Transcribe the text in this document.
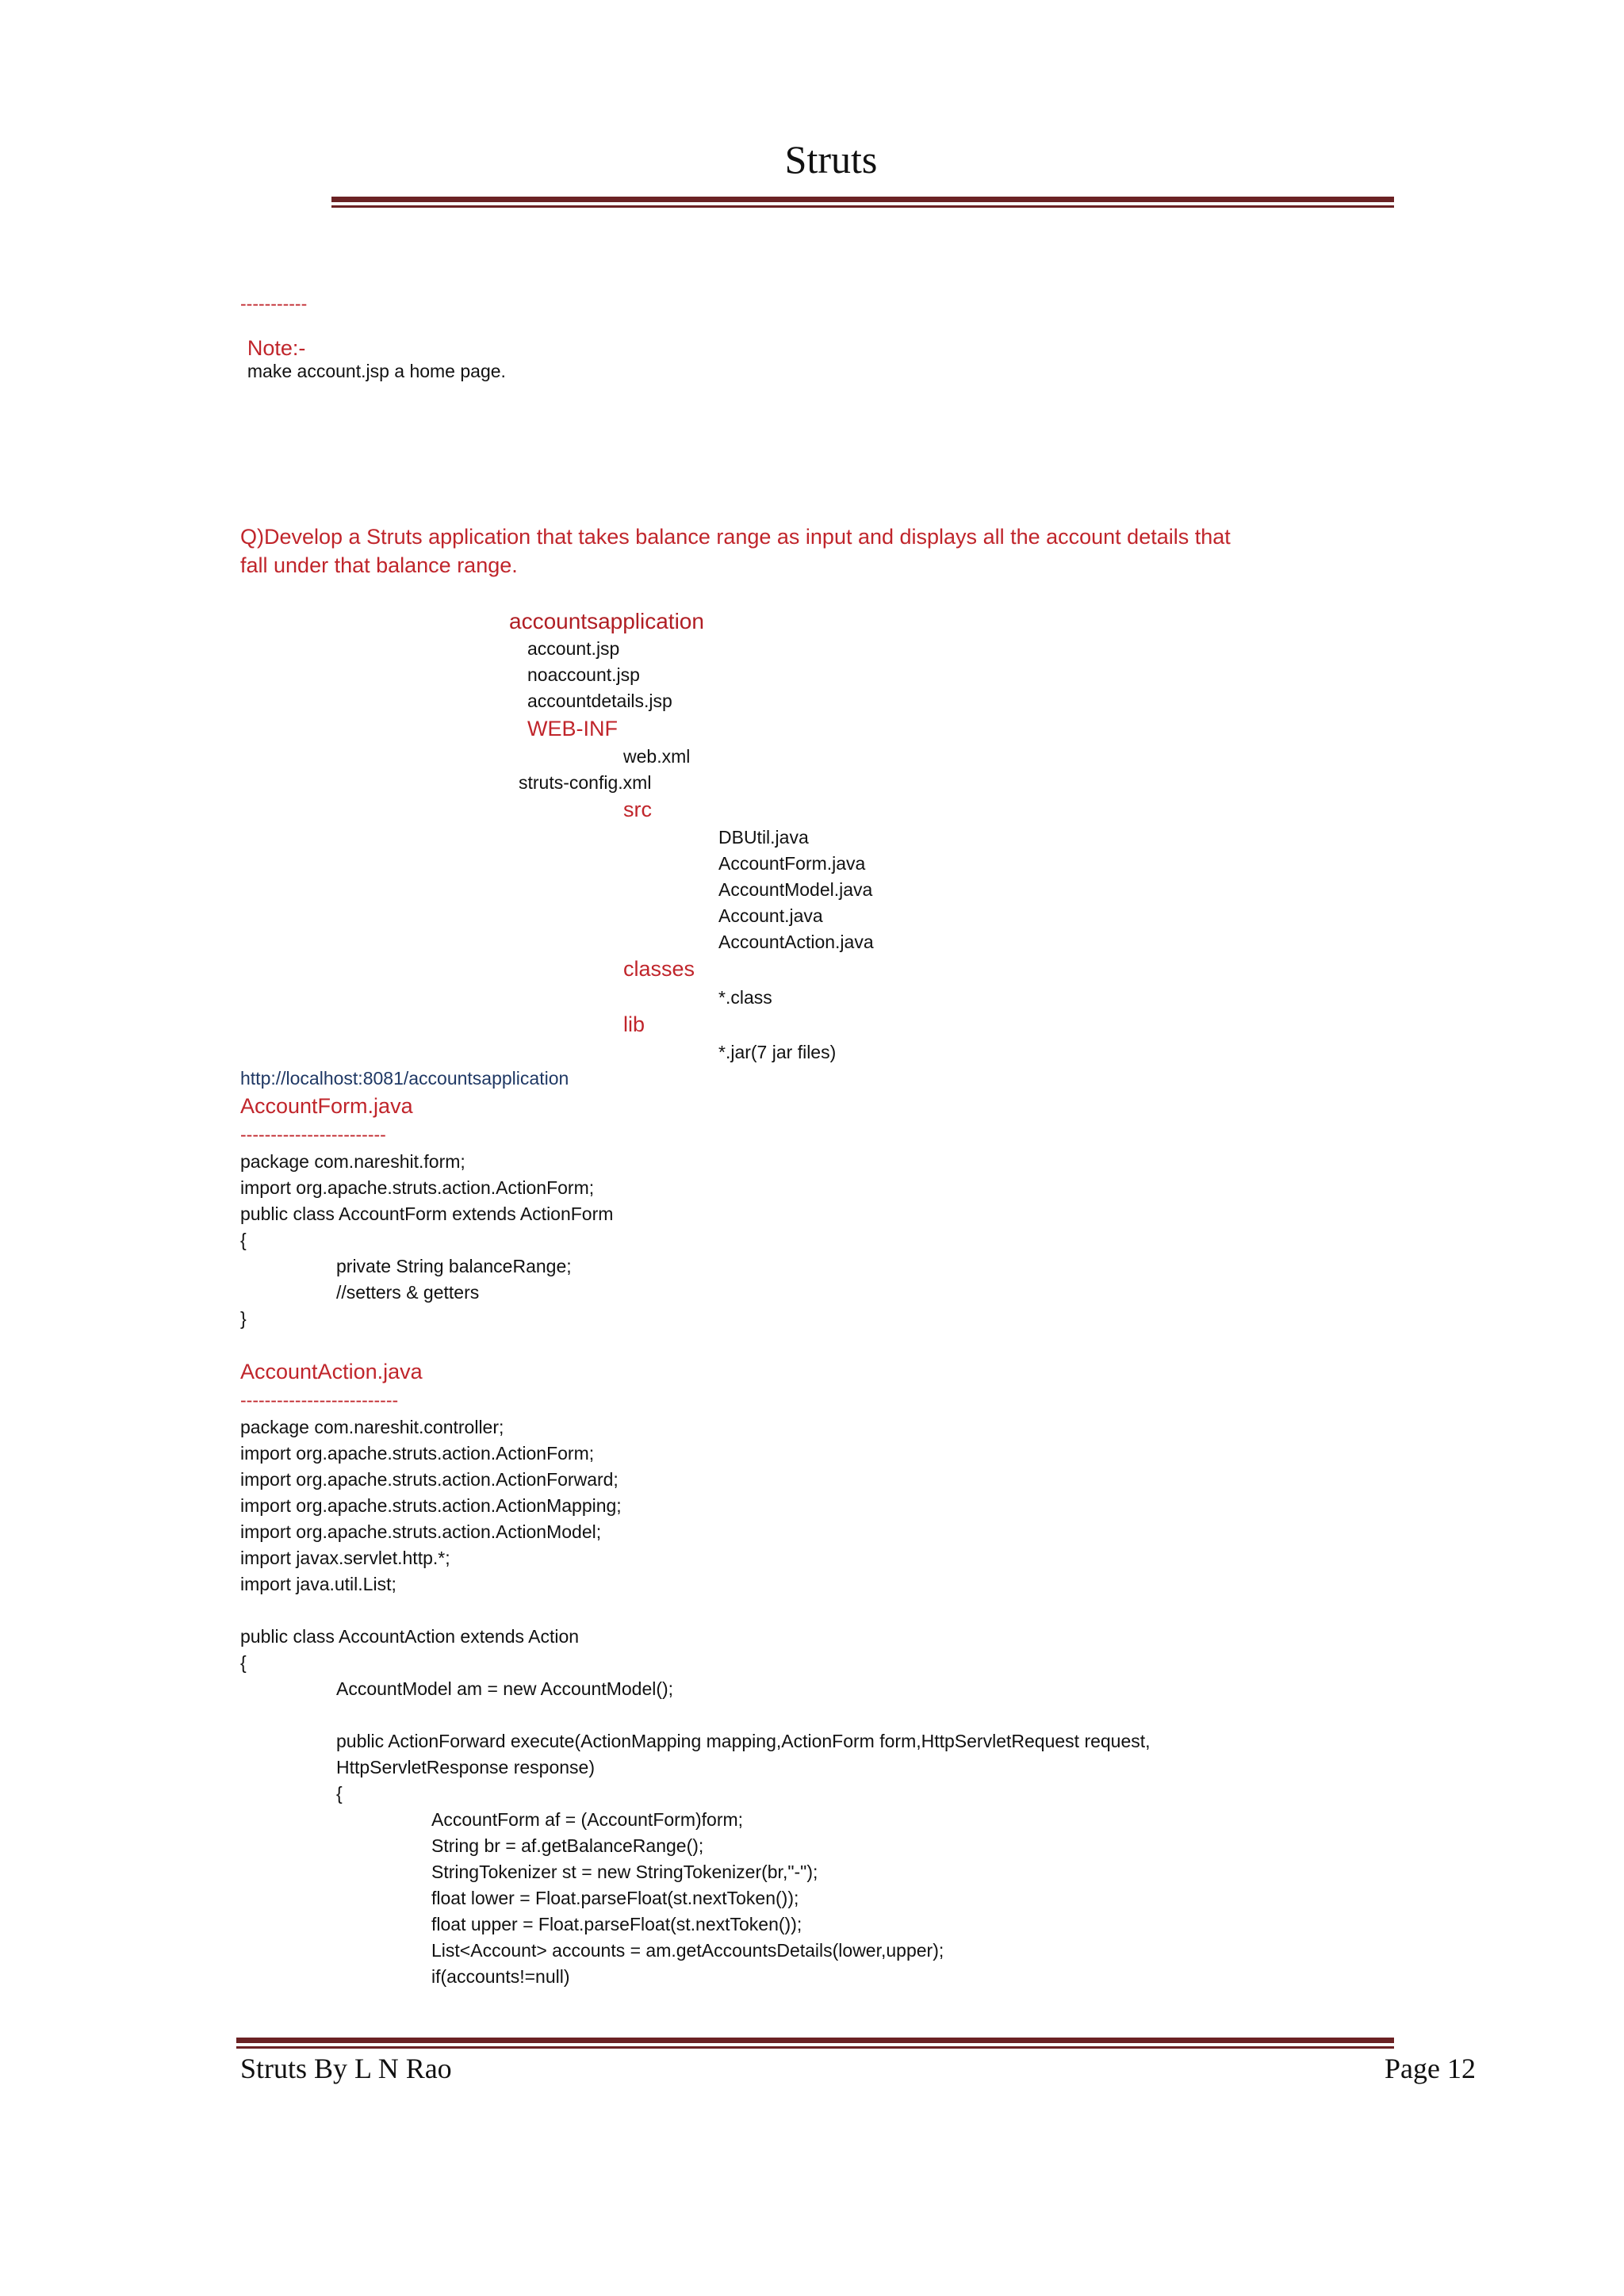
Struts
-----------

Note:-
make account.jsp a home page.

Q)Develop a Struts application that takes balance range as input and displays all the account details that
fall under that balance range.
accountsapplication
account.jsp
noaccount.jsp
accountdetails.jsp
WEB-INF
web.xml
struts-config.xml
src
DBUtil.java
AccountForm.java
AccountModel.java
Account.java
AccountAction.java
classes
*.class
lib
*.jar(7 jar files)
http://localhost:8081/accountsapplication
AccountForm.java
------------------------
package com.nareshit.form;
import org.apache.struts.action.ActionForm;
public class AccountForm extends ActionForm
{
private String balanceRange;
//setters & getters
}
AccountAction.java
--------------------------
package com.nareshit.controller;
import org.apache.struts.action.ActionForm;
import org.apache.struts.action.ActionForward;
import org.apache.struts.action.ActionMapping;
import org.apache.struts.action.ActionModel;
import javax.servlet.http.*;
import java.util.List;
public class AccountAction extends Action
{
AccountModel am = new AccountModel();
public ActionForward execute(ActionMapping mapping,ActionForm form,HttpServletRequest request,
HttpServletResponse response)
{
AccountForm af = (AccountForm)form;
String br = af.getBalanceRange();
StringTokenizer st = new StringTokenizer(br,"-");
float lower = Float.parseFloat(st.nextToken());
float upper = Float.parseFloat(st.nextToken());
List<Account> accounts = am.getAccountsDetails(lower,upper);
if(accounts!=null)
Struts By L N Rao	Page 12
